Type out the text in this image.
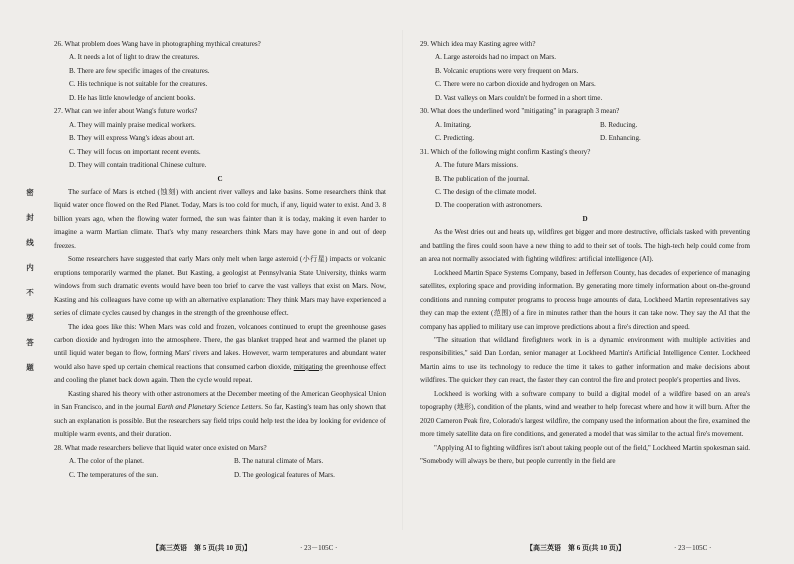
密 封 线 内 不 要 答 题
26. What problem does Wang have in photographing mythical creatures?
A. It needs a lot of light to draw the creatures.
B. There are few specific images of the creatures.
C. His technique is not suitable for the creatures.
D. He has little knowledge of ancient books.
27. What can we infer about Wang's future works?
A. They will mainly praise medical workers.
B. They will express Wang's ideas about art.
C. They will focus on important recent events.
D. They will contain traditional Chinese culture.
C
The surface of Mars is etched (蚀刻) with ancient river valleys and lake basins. Some researchers think that liquid water once flowed on the Red Planet. Today, Mars is too cold for much, if any, liquid water to exist. And 3. 8 billion years ago, when the flowing water formed, the sun was fainter than it is today, making it even harder to imagine a warm Martian climate. That's why many researchers think Mars may have gone in and out of deep freezes.
Some researchers have suggested that early Mars only melt when large asteroid (小行星) impacts or volcanic eruptions temporarily warmed the planet. But Kasting, a geologist at Pennsylvania State University, thinks warm windows from such dramatic events would have been too brief to carve the vast valleys that exist on Mars. Now, Kasting and his colleagues have come up with an alternative explanation: They think Mars may have experienced a series of climate cycles caused by changes in the strength of the greenhouse effect.
The idea goes like this: When Mars was cold and frozen, volcanoes continued to erupt the greenhouse gases carbon dioxide and hydrogen into the atmosphere. There, the gas blanket trapped heat and warmed the planet up until liquid water began to flow, forming Mars' rivers and lakes. However, warm temperatures and abundant water would also have sped up certain chemical reactions that consumed carbon dioxide, mitigating the greenhouse effect and cooling the planet back down again. Then the cycle would repeat.
Kasting shared his theory with other astronomers at the December meeting of the American Geophysical Union in San Francisco, and in the journal Earth and Planetary Science Letters. So far, Kasting's team has only shown that such an explanation is possible. But the researchers say field trips could help test the idea by looking for evidence of multiple warm events, and their duration.
28. What made researchers believe that liquid water once existed on Mars?
A. The color of the planet.	B. The natural climate of Mars.
C. The temperatures of the sun.	D. The geological features of Mars.
【高三英语　第 5 页(共 10 页)】	· 23－105C ·
29. Which idea may Kasting agree with?
A. Large asteroids had no impact on Mars.
B. Volcanic eruptions were very frequent on Mars.
C. There were no carbon dioxide and hydrogen on Mars.
D. Vast valleys on Mars couldn't be formed in a short time.
30. What does the underlined word "mitigating" in paragraph 3 mean?
A. Imitating.	B. Reducing.
C. Predicting.	D. Enhancing.
31. Which of the following might confirm Kasting's theory?
A. The future Mars missions.
B. The publication of the journal.
C. The design of the climate model.
D. The cooperation with astronomers.
D
As the West dries out and heats up, wildfires get bigger and more destructive, officials tasked with preventing and battling the fires could soon have a new thing to add to their set of tools. The high-tech help could come from an area not normally associated with fighting wildfires: artificial intelligence (AI).
Lockheed Martin Space Systems Company, based in Jefferson County, has decades of experience of managing satellites, exploring space and providing information. By generating more timely information about on-the-ground conditions and running computer programs to process huge amounts of data, Lockheed Martin representatives say they can map the extent (范围) of a fire in minutes rather than the hours it can take now. They say the AI that the company has applied to military use can improve predictions about a fire's direction and speed.
"The situation that wildland firefighters work in is a dynamic environment with multiple activities and responsibilities," said Dan Lordan, senior manager at Lockheed Martin's Artificial Intelligence Center. Lockheed Martin aims to use its technology to reduce the time it takes to gather information and make decisions about wildfires. The quicker they can react, the faster they can control the fire and protect people's properties and lives.
Lockheed is working with a software company to build a digital model of a wildfire based on an area's topography (地形), condition of the plants, wind and weather to help forecast where and how it will burn. After the 2020 Cameron Peak fire, Colorado's largest wildfire, the company used the information about the fire, examined the more timely satellite data on fire conditions, and generated a model that was similar to the actual fire's movement.
"Applying AI to fighting wildfires isn't about taking people out of the field," Lockheed Martin spokesman said. "Somebody will always be there, but people currently in the field are
【高三英语　第 6 页(共 10 页)】	· 23－105C ·
